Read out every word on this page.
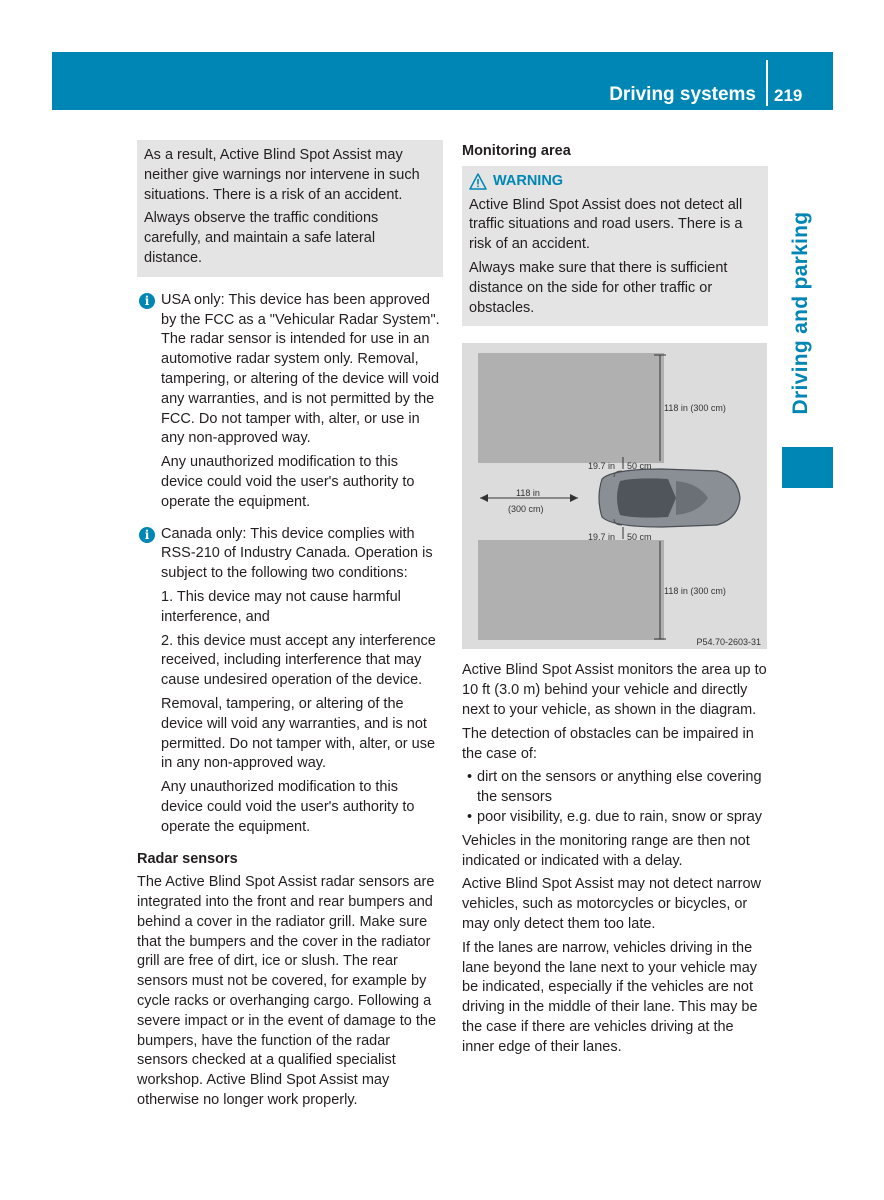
Driving systems 219
Driving and parking

As a result, Active Blind Spot Assist may neither give warnings nor intervene in such situations. There is a risk of an accident.

Always observe the traffic conditions carefully, and maintain a safe lateral distance.

i USA only: This device has been approved by the FCC as a "Vehicular Radar System". The radar sensor is intended for use in an automotive radar system only. Removal, tampering, or altering of the device will void any warranties, and is not permitted by the FCC. Do not tamper with, alter, or use in any non-approved way.

Any unauthorized modification to this device could void the user's authority to operate the equipment.

i Canada only: This device complies with RSS-210 of Industry Canada. Operation is subject to the following two conditions:

1. This device may not cause harmful interference, and

2. this device must accept any interference received, including interference that may cause undesired operation of the device.

Removal, tampering, or altering of the device will void any warranties, and is not permitted. Do not tamper with, alter, or use in any non-approved way.

Any unauthorized modification to this device could void the user's authority to operate the equipment.

Radar sensors

The Active Blind Spot Assist radar sensors are integrated into the front and rear bumpers and behind a cover in the radiator grill. Make sure that the bumpers and the cover in the radiator grill are free of dirt, ice or slush. The rear sensors must not be covered, for example by cycle racks or overhanging cargo. Following a severe impact or in the event of damage to the bumpers, have the function of the radar sensors checked at a qualified specialist workshop. Active Blind Spot Assist may otherwise no longer work properly.

Monitoring area
WARNING

Active Blind Spot Assist does not detect all traffic situations and road users. There is a risk of an accident.

Always make sure that there is sufficient distance on the side for other traffic or obstacles.

118 in (300 cm)
118 in (300 cm)
118 in
(300 cm)
19.7 in 50 cm
19.7 in 50 cm
P54.70-2603-31

Active Blind Spot Assist monitors the area up to 10 ft (3.0 m) behind your vehicle and directly next to your vehicle, as shown in the diagram.

The detection of obstacles can be impaired in the case of:

• dirt on the sensors or anything else covering the sensors
• poor visibility, e.g. due to rain, snow or spray

Vehicles in the monitoring range are then not indicated or indicated with a delay.

Active Blind Spot Assist may not detect narrow vehicles, such as motorcycles or bicycles, or may only detect them too late.

If the lanes are narrow, vehicles driving in the lane beyond the lane next to your vehicle may be indicated, especially if the vehicles are not driving in the middle of their lane. This may be the case if there are vehicles driving at the inner edge of their lanes.
